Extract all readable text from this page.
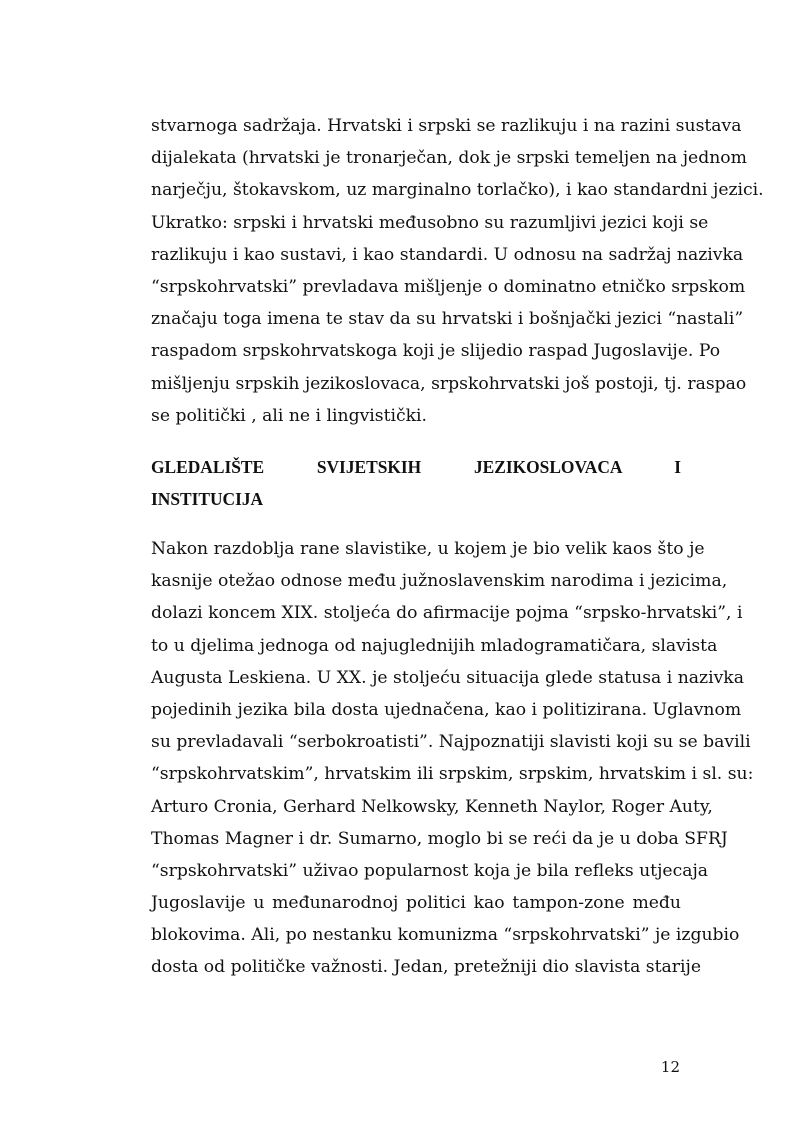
stvarnoga sadržaja. Hrvatski i srpski se razlikuju i na razini sustava
dijalekata (hrvatski je tronarječan, dok je srpski temeljen na jednom
narječju, štokavskom, uz marginalno torlačko), i kao standardni jezici.
Ukratko: srpski i hrvatski međusobno su razumljivi jezici koji se
razlikuju i kao sustavi, i kao standardi. U odnosu na sadržaj nazivka
“srpskohrvatski” prevladava mišljenje o dominatno etničko srpskom
značaju toga imena te stav da su hrvatski i bošnjački jezici “nastali”
raspadom srpskohrvatskoga koji je slijedio raspad Jugoslavije. Po
mišljenju srpskih jezikoslovaca, srpskohrvatski još postoji, tj. raspao
se politički , ali ne i lingvistički.
GLEDALIŠTE SVIJETSKIH JEZIKOSLOVACA I
INSTITUCIJA
Nakon razdoblja rane slavistike, u kojem je bio velik kaos što je
kasnije otežao odnose među južnoslavenskim narodima i jezicima,
dolazi koncem XIX. stoljeća do afirmacije pojma “srpsko-hrvatski”, i
to u djelima jednoga od najuglednijih mladogramatičara, slavista
Augusta Leskiena. U XX. je stoljeću situacija glede statusa i nazivka
pojedinih jezika bila dosta ujednačena, kao i politizirana. Uglavnom
su prevladavali “serbokroatisti”. Najpoznatiji slavisti koji su se bavili
“srpskohrvatskim”, hrvatskim ili srpskim, srpskim, hrvatskim i sl. su:
Arturo Cronia, Gerhard Nelkowsky, Kenneth Naylor, Roger Auty,
Thomas Magner i dr. Sumarno, moglo bi se reći da je u doba SFRJ
“srpskohrvatski” uživao popularnost koja je bila refleks utjecaja
Jugoslavije u međunarodnoj politici kao tampon-zone među
blokovima. Ali, po nestanku komunizma “srpskohrvatski” je izgubio
dosta od političke važnosti. Jedan, pretežniji dio slavista starije
12
